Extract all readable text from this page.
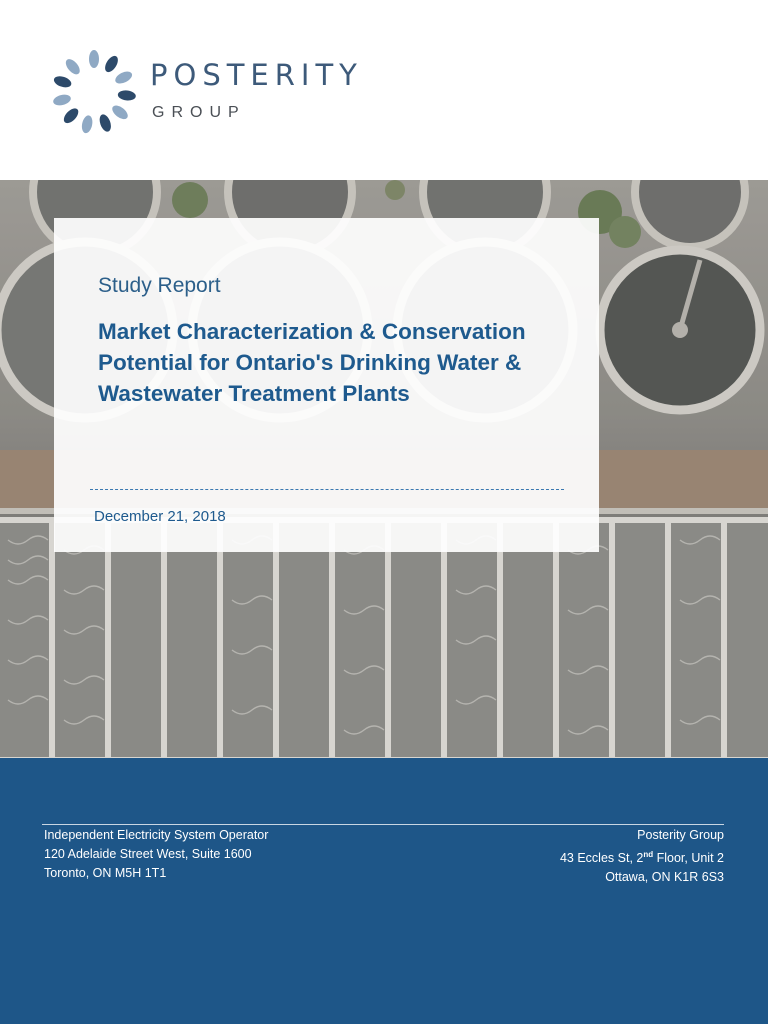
POSTERITY
GROUP
Study Report
Market Characterization & Conservation Potential for Ontario's Drinking Water & Wastewater Treatment Plants
December 21, 2018
Independent Electricity System Operator
120 Adelaide Street West, Suite 1600
Toronto, ON M5H 1T1
Posterity Group
43 Eccles St, 2nd Floor, Unit 2
Ottawa, ON K1R 6S3
